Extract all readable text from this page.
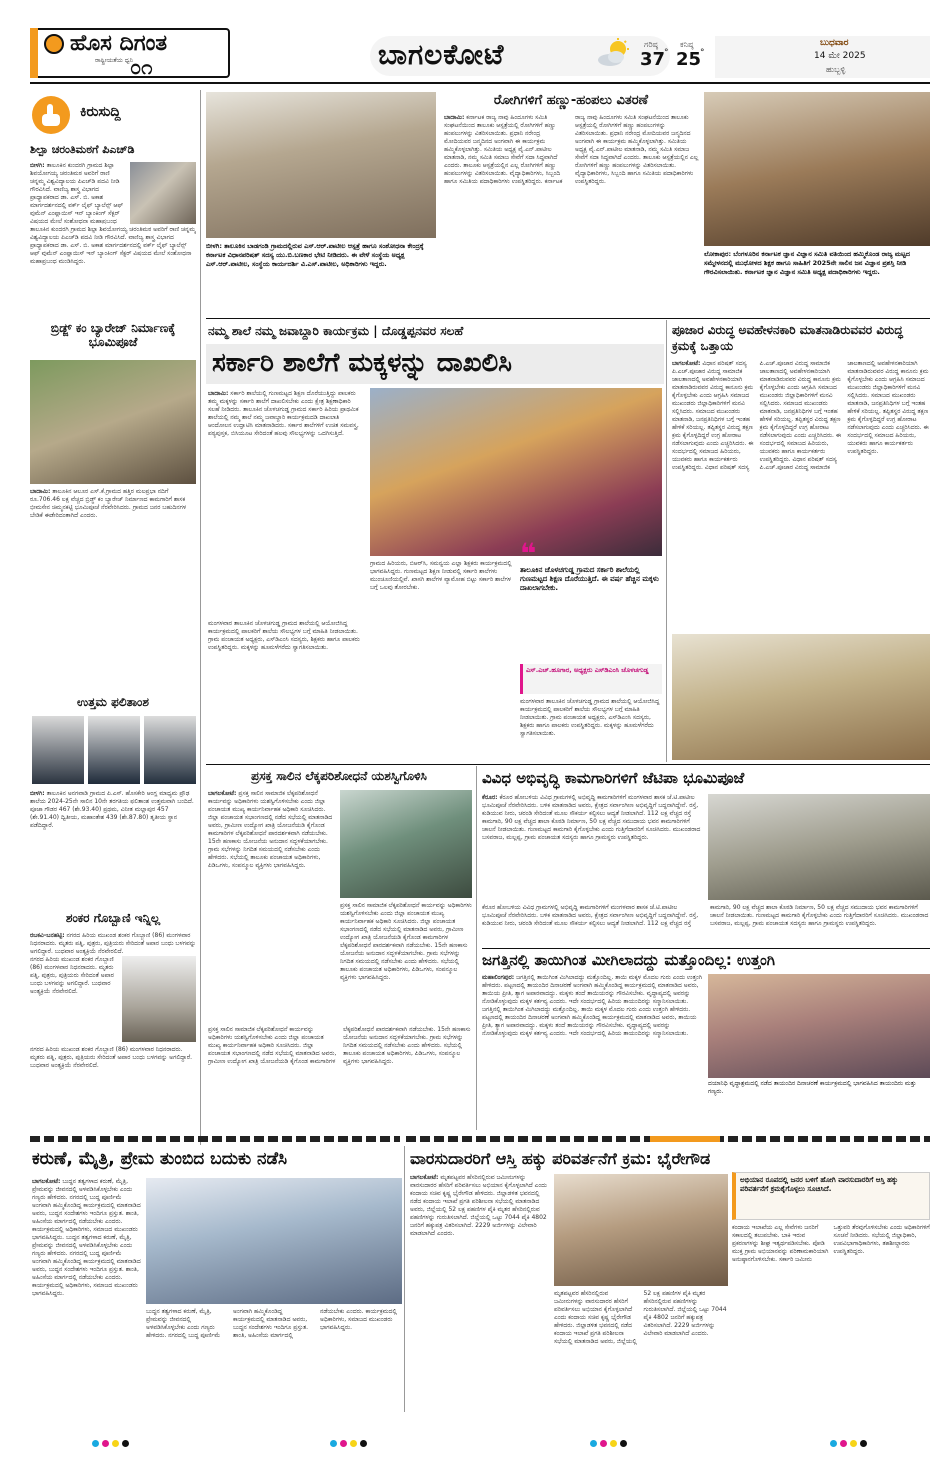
ಹೊಸ ದಿಗಂತ
ರಾಷ್ಟ್ರೀಯತೆಯ ಧ್ವನಿ
೦೧	ಬಾಗಲಕೋಟೆ	ಗರಿಷ್ಠ
37
°
ಕನಿಷ್ಠ
25
°
ಬುಧವಾರ
14 ಮೇ 2025
ಹುಬ್ಬಳ್ಳಿ
ಕಿರುಸುದ್ದಿ
ಶಿಲ್ಪಾ ಚರಂತಿಮಠಗೆ ಪಿಎಚ್‌ಡಿ
ಬೀಳಗಿ: ತಾಲೂಕಿನ ಕುಂದರಗಿ ಗ್ರಾಮದ ಶಿಲ್ಪಾ ಶಿವಯೋಗಯ್ಯ ಚರಂತಿಮಠ ಅವರಿಗೆ ರಾಣಿ ಚನ್ನಮ್ಮ ವಿಶ್ವವಿದ್ಯಾಲಯ ಪಿಎಚ್‌ಡಿ ಪದವಿ ನೀಡಿ ಗೌರವಿಸಿದೆ. ವಾಣಿಜ್ಯ ಶಾಸ್ತ್ರ ವಿಭಾಗದ ಪ್ರಾಧ್ಯಾಪಕರಾದ ಡಾ. ಎಸ್. ಬಿ. ಅಕಾಶ ಮಾರ್ಗದರ್ಶನದಲ್ಲಿ ವರ್ಕ್ ಲೈಫ್ ಬ್ಯಾಲೆನ್ಸ್ ಆಫ್ ವುಮೆನ್ ಎಂಪ್ಲಾಯಿಸ್ ಇನ್ ಬ್ಯಾಂಕಿಂಗ್ ಸೆಕ್ಟರ್ ವಿಷಯದ ಮೇಲೆ ಸಂಶೋಧನಾ ಮಹಾಪ್ರಬಂಧ
ತಾಲೂಕಿನ ಕುಂದರಗಿ ಗ್ರಾಮದ ಶಿಲ್ಪಾ ಶಿವಯೋಗಯ್ಯ ಚರಂತಿಮಠ ಅವರಿಗೆ ರಾಣಿ ಚನ್ನಮ್ಮ ವಿಶ್ವವಿದ್ಯಾಲಯ ಪಿಎಚ್‌ಡಿ ಪದವಿ ನೀಡಿ ಗೌರವಿಸಿದೆ. ವಾಣಿಜ್ಯ ಶಾಸ್ತ್ರ ವಿಭಾಗದ ಪ್ರಾಧ್ಯಾಪಕರಾದ ಡಾ. ಎಸ್. ಬಿ. ಅಕಾಶ ಮಾರ್ಗದರ್ಶನದಲ್ಲಿ ವರ್ಕ್ ಲೈಫ್ ಬ್ಯಾಲೆನ್ಸ್ ಆಫ್ ವುಮೆನ್ ಎಂಪ್ಲಾಯಿಸ್ ಇನ್ ಬ್ಯಾಂಕಿಂಗ್ ಸೆಕ್ಟರ್ ವಿಷಯದ ಮೇಲೆ ಸಂಶೋಧನಾ ಮಹಾಪ್ರಬಂಧ ಮಂಡಿಸಿದ್ದರು.
ಬ್ರಿಡ್ಜ್ ಕಂ ಬ್ಯಾರೇಜ್ ನಿರ್ಮಾಣಕ್ಕೆ ಭೂಮಿಪೂಜೆ
ಬಾದಾಮಿ: ತಾಲೂಕಿನ ಆಲೂರ ಎಸ್.ಕೆ.ಗ್ರಾಮದ ಹತ್ತಿರ ಮಲಪ್ರಭಾ ನದಿಗೆ ರೂ.706.46 ಲಕ್ಷ ವೆಚ್ಚದ ಬ್ರಿಡ್ಜ್ ಕಂ ಬ್ಯಾರೇಜ್ ನಿರ್ಮಾಣದ ಕಾಮಗಾರಿಗೆ ಶಾಸಕ ಭೀಮಸೇನ ಚಿಮ್ಮನಕಟ್ಟಿ ಭೂಮಿಪೂಜೆ ನೆರವೇರಿಸಿದರು. ಗ್ರಾಮದ ಜನರ ಬಹುದಿನಗಳ ಬೇಡಿಕೆ ಈಡೇರಿದಂತಾಗಿದೆ ಎಂದರು.
ಉತ್ತಮ ಫಲಿತಾಂಶ
ಬೀಳಗಿ: ತಾಲೂಕಿನ ಅನಗವಾಡಿ ಗ್ರಾಮದ ಪಿ.ಎಸ್. ಹೊಸಕೇರಿ ಆಂಗ್ಲ ಮಾಧ್ಯಮ ಪ್ರೌಢ ಶಾಲೆಯ 2024-25ನೇ ಸಾಲಿನ 10ನೇ ತರಗತಿಯ ಫಲಿತಾಂಶ ಉತ್ತಮವಾಗಿ ಬಂದಿದೆ. ಪೂಜಾ ಗೌಡರ 467 (ಶೇ.93.40) ಪ್ರಥಮ, ವಿನೀತ ಮಲ್ಲಾಪುರ 457 (ಶೇ.91.40) ದ್ವಿತೀಯ, ಮಹಾಂತೇಶ 439 (ಶೇ.87.80) ತೃತೀಯ ಸ್ಥಾನ ಪಡೆದಿದ್ದಾರೆ.
ಶಂಕರ ಗೊಬ್ಬಾಣಿ ಇನ್ನಿಲ್ಲ
ರಬಕವಿ-ಬನಹಟ್ಟಿ: ನಗರದ ಹಿರಿಯ ಮುಖಂಡ ಶಂಕರ ಗೊಬ್ಬಾಣಿ (86) ಮಂಗಳವಾರ ನಿಧನರಾದರು. ಮೃತರು ಪತ್ನಿ, ಪುತ್ರರು, ಪುತ್ರಿಯರು ಸೇರಿದಂತೆ ಅಪಾರ ಬಂಧು ಬಳಗವನ್ನು ಅಗಲಿದ್ದಾರೆ. ಬುಧವಾರ ಅಂತ್ಯಕ್ರಿಯೆ ನೆರವೇರಲಿದೆ.
ನಗರದ ಹಿರಿಯ ಮುಖಂಡ ಶಂಕರ ಗೊಬ್ಬಾಣಿ (86) ಮಂಗಳವಾರ ನಿಧನರಾದರು. ಮೃತರು ಪತ್ನಿ, ಪುತ್ರರು, ಪುತ್ರಿಯರು ಸೇರಿದಂತೆ ಅಪಾರ ಬಂಧು ಬಳಗವನ್ನು ಅಗಲಿದ್ದಾರೆ. ಬುಧವಾರ ಅಂತ್ಯಕ್ರಿಯೆ ನೆರವೇರಲಿದೆ.
ನಗರದ ಹಿರಿಯ ಮುಖಂಡ ಶಂಕರ ಗೊಬ್ಬಾಣಿ (86) ಮಂಗಳವಾರ ನಿಧನರಾದರು. ಮೃತರು ಪತ್ನಿ, ಪುತ್ರರು, ಪುತ್ರಿಯರು ಸೇರಿದಂತೆ ಅಪಾರ ಬಂಧು ಬಳಗವನ್ನು ಅಗಲಿದ್ದಾರೆ. ಬುಧವಾರ ಅಂತ್ಯಕ್ರಿಯೆ ನೆರವೇರಲಿದೆ.
ಬೀಳಗಿ: ತಾಲೂಕಿನ ಬಾಡಗಂಡಿ ಗ್ರಾಮದಲ್ಲಿರುವ ಎಸ್.ಆರ್.ಪಾಟೀಲ ಆಸ್ಪತ್ರೆ ಹಾಗೂ ಸಂಶೋಧನಾ ಕೇಂದ್ರಕ್ಕೆ ಕರ್ನಾಟಕ ವಿಧಾನಪರಿಷತ್ ಸದಸ್ಯ ಯು.ಬಿ.ಬಣಕಾರ ಭೇಟಿ ನೀಡಿದರು. ಈ ವೇಳೆ ಸಂಸ್ಥೆಯ ಅಧ್ಯಕ್ಷ ಎಸ್.ಆರ್.ಪಾಟೀಲ, ಸಂಸ್ಥೆಯ ಕಾರ್ಯದರ್ಶಿ ವಿ.ಎಸ್.ಪಾಟೀಲ, ಅಧಿಕಾರಿಗಳು ಇದ್ದರು.
ರೋಗಿಗಳಿಗೆ ಹಣ್ಣು-ಹಂಪಲು ವಿತರಣೆ
ಬಾದಾಮಿ: ಕರ್ನಾಟಕ ರಾಜ್ಯ ನಾವು ಹಿಂದೂಗಳು ಸಮಿತಿ ಸಂಘಟನೆಯಿಂದ ತಾಲೂಕು ಆಸ್ಪತ್ರೆಯಲ್ಲಿ ರೋಗಿಗಳಿಗೆ ಹಣ್ಣು ಹಂಪಲುಗಳನ್ನು ವಿತರಿಸಲಾಯಿತು. ಪ್ರಧಾನಿ ನರೇಂದ್ರ ಮೋದಿಯವರ ಜನ್ಮದಿನದ ಅಂಗವಾಗಿ ಈ ಕಾರ್ಯಕ್ರಮ ಹಮ್ಮಿಕೊಳ್ಳಲಾಗಿತ್ತು. ಸಮಿತಿಯ ಅಧ್ಯಕ್ಷ ವೈ.ಎನ್.ಪಾಟೀಲ ಮಾತನಾಡಿ, ನಮ್ಮ ಸಮಿತಿ ಸಮಾಜ ಸೇವೆಗೆ ಸದಾ ಸಿದ್ಧವಾಗಿದೆ ಎಂದರು. ತಾಲೂಕು ಆಸ್ಪತ್ರೆಯಲ್ಲಿನ ಎಲ್ಲ ರೋಗಿಗಳಿಗೆ ಹಣ್ಣು ಹಂಪಲುಗಳನ್ನು ವಿತರಿಸಲಾಯಿತು. ವೈದ್ಯಾಧಿಕಾರಿಗಳು, ಸಿಬ್ಬಂದಿ ಹಾಗೂ ಸಮಿತಿಯ ಪದಾಧಿಕಾರಿಗಳು ಉಪಸ್ಥಿತರಿದ್ದರು. ಕರ್ನಾಟಕ ರಾಜ್ಯ ನಾವು ಹಿಂದೂಗಳು ಸಮಿತಿ ಸಂಘಟನೆಯಿಂದ ತಾಲೂಕು ಆಸ್ಪತ್ರೆಯಲ್ಲಿ ರೋಗಿಗಳಿಗೆ ಹಣ್ಣು ಹಂಪಲುಗಳನ್ನು ವಿತರಿಸಲಾಯಿತು. ಪ್ರಧಾನಿ ನರೇಂದ್ರ ಮೋದಿಯವರ ಜನ್ಮದಿನದ ಅಂಗವಾಗಿ ಈ ಕಾರ್ಯಕ್ರಮ ಹಮ್ಮಿಕೊಳ್ಳಲಾಗಿತ್ತು. ಸಮಿತಿಯ ಅಧ್ಯಕ್ಷ ವೈ.ಎನ್.ಪಾಟೀಲ ಮಾತನಾಡಿ, ನಮ್ಮ ಸಮಿತಿ ಸಮಾಜ ಸೇವೆಗೆ ಸದಾ ಸಿದ್ಧವಾಗಿದೆ ಎಂದರು. ತಾಲೂಕು ಆಸ್ಪತ್ರೆಯಲ್ಲಿನ ಎಲ್ಲ ರೋಗಿಗಳಿಗೆ ಹಣ್ಣು ಹಂಪಲುಗಳನ್ನು ವಿತರಿಸಲಾಯಿತು. ವೈದ್ಯಾಧಿಕಾರಿಗಳು, ಸಿಬ್ಬಂದಿ ಹಾಗೂ ಸಮಿತಿಯ ಪದಾಧಿಕಾರಿಗಳು ಉಪಸ್ಥಿತರಿದ್ದರು.
ಲೋಕಾಪುರ: ಬೆಂಗಳೂರಿನ ಕರ್ನಾಟಕ ಜ್ಞಾನ ವಿಜ್ಞಾನ ಸಮಿತಿ ವತಿಯಿಂದ ಹಮ್ಮಿಕೊಂಡ ರಾಜ್ಯ ಮಟ್ಟದ ಸಮ್ಮೇಳನದಲ್ಲಿ ಮುಧೋಳದ ಶಿಕ್ಷಕ ಹಾಗೂ ಸಾಹಿತಿಗೆ 2025ನೇ ಸಾಲಿನ ಜನ ವಿಜ್ಞಾನ ಪ್ರಶಸ್ತಿ ನೀಡಿ ಗೌರವಿಸಲಾಯಿತು. ಕರ್ನಾಟಕ ಜ್ಞಾನ ವಿಜ್ಞಾನ ಸಮಿತಿ ಅಧ್ಯಕ್ಷ ಪದಾಧಿಕಾರಿಗಳು ಇದ್ದರು.
ನಮ್ಮ ಶಾಲೆ ನಮ್ಮ ಜವಾಬ್ದಾರಿ ಕಾರ್ಯಕ್ರಮ | ದೊಡ್ಡಪ್ಪನವರ ಸಲಹೆ
ಸರ್ಕಾರಿ ಶಾಲೆಗೆ ಮಕ್ಕಳನ್ನು ದಾಖಲಿಸಿ
ಬಾದಾಮಿ: ಸರ್ಕಾರಿ ಶಾಲೆಯಲ್ಲಿ ಗುಣಮಟ್ಟದ ಶಿಕ್ಷಣ ದೊರೆಯುತ್ತಿದ್ದು ಪಾಲಕರು ತಮ್ಮ ಮಕ್ಕಳನ್ನು ಸರ್ಕಾರಿ ಶಾಲೆಗೆ ದಾಖಲಿಸಬೇಕು ಎಂದು ಕ್ಷೇತ್ರ ಶಿಕ್ಷಣಾಧಿಕಾರಿ ಸಲಹೆ ನೀಡಿದರು. ತಾಲೂಕಿನ ಚೊಳಚಗುಡ್ಡ ಗ್ರಾಮದ ಸರ್ಕಾರಿ ಹಿರಿಯ ಪ್ರಾಥಮಿಕ ಶಾಲೆಯಲ್ಲಿ ನಮ್ಮ ಶಾಲೆ ನಮ್ಮ ಜವಾಬ್ದಾರಿ ಕಾರ್ಯಕ್ರಮದಡಿ ದಾಖಲಾತಿ ಆಂದೋಲನ ಉದ್ಘಾಟಿಸಿ ಮಾತನಾಡಿದರು. ಸರ್ಕಾರ ಶಾಲೆಗಳಿಗೆ ಉಚಿತ ಸಮವಸ್ತ್ರ, ಪಠ್ಯಪುಸ್ತಕ, ಬಿಸಿಯೂಟ ಸೇರಿದಂತೆ ಹಲವು ಸೌಲಭ್ಯಗಳನ್ನು ಒದಗಿಸುತ್ತಿದೆ.
ಮಂಗಳವಾರ ತಾಲೂಕಿನ ಚೊಳಚಗುಡ್ಡ ಗ್ರಾಮದ ಶಾಲೆಯಲ್ಲಿ ಆಯೋಜಿಸಿದ್ದ ಕಾರ್ಯಕ್ರಮದಲ್ಲಿ ಪಾಲಕರಿಗೆ ಶಾಲೆಯ ಸೌಲಭ್ಯಗಳ ಬಗ್ಗೆ ಮಾಹಿತಿ ನೀಡಲಾಯಿತು. ಗ್ರಾಮ ಪಂಚಾಯತ ಅಧ್ಯಕ್ಷರು, ಎಸ್‌ಡಿಎಂಸಿ ಸದಸ್ಯರು, ಶಿಕ್ಷಕರು ಹಾಗೂ ಪಾಲಕರು ಉಪಸ್ಥಿತರಿದ್ದರು. ಮಕ್ಕಳನ್ನು ಹೂಮಳೆಗರೆದು ಸ್ವಾಗತಿಸಲಾಯಿತು.
ಗ್ರಾಮದ ಹಿರಿಯರು, ಬಿಆರ್‌ಸಿ, ಸಮನ್ವಯ ಎಲ್ಲಾ ಶಿಕ್ಷಕರು ಕಾರ್ಯಕ್ರಮದಲ್ಲಿ ಭಾಗವಹಿಸಿದ್ದರು. ಗುಣಮಟ್ಟದ ಶಿಕ್ಷಣ ನೀಡುವಲ್ಲಿ ಸರ್ಕಾರಿ ಶಾಲೆಗಳು ಮುಂಚೂಣಿಯಲ್ಲಿವೆ. ಖಾಸಗಿ ಶಾಲೆಗಳ ವ್ಯಾಮೋಹ ಬಿಟ್ಟು ಸರ್ಕಾರಿ ಶಾಲೆಗಳ ಬಗ್ಗೆ ಒಲವು ತೋರಬೇಕು.
❝
ತಾಲೂಕಿನ ಚೊಳಚಗುಡ್ಡ ಗ್ರಾಮದ ಸರ್ಕಾರಿ ಶಾಲೆಯಲ್ಲಿ ಗುಣಮಟ್ಟದ ಶಿಕ್ಷಣ ದೊರೆಯುತ್ತಿದೆ. ಈ ವರ್ಷ ಹೆಚ್ಚಿನ ಮಕ್ಕಳು ದಾಖಲಾಗಬೇಕು.
ಎಸ್.ಎಚ್.ಹೂಗಾರ, ಅಧ್ಯಕ್ಷರು ಎಸ್‌ಡಿಎಂಸಿ ಚೊಳಚಗುಡ್ಡ
ಮಂಗಳವಾರ ತಾಲೂಕಿನ ಚೊಳಚಗುಡ್ಡ ಗ್ರಾಮದ ಶಾಲೆಯಲ್ಲಿ ಆಯೋಜಿಸಿದ್ದ ಕಾರ್ಯಕ್ರಮದಲ್ಲಿ ಪಾಲಕರಿಗೆ ಶಾಲೆಯ ಸೌಲಭ್ಯಗಳ ಬಗ್ಗೆ ಮಾಹಿತಿ ನೀಡಲಾಯಿತು. ಗ್ರಾಮ ಪಂಚಾಯತ ಅಧ್ಯಕ್ಷರು, ಎಸ್‌ಡಿಎಂಸಿ ಸದಸ್ಯರು, ಶಿಕ್ಷಕರು ಹಾಗೂ ಪಾಲಕರು ಉಪಸ್ಥಿತರಿದ್ದರು. ಮಕ್ಕಳನ್ನು ಹೂಮಳೆಗರೆದು ಸ್ವಾಗತಿಸಲಾಯಿತು.
ಪೂಜಾರ ವಿರುದ್ಧ ಅವಹೇಳನಕಾರಿ ಮಾತನಾಡಿರುವವರ ವಿರುದ್ಧ ಕ್ರಮಕ್ಕೆ ಒತ್ತಾಯ
ಬಾಗಲಕೋಟೆ: ವಿಧಾನ ಪರಿಷತ್ ಸದಸ್ಯ ಪಿ.ಎಚ್.ಪೂಜಾರ ವಿರುದ್ಧ ಸಾಮಾಜಿಕ ಜಾಲತಾಣದಲ್ಲಿ ಅವಹೇಳನಕಾರಿಯಾಗಿ ಮಾತನಾಡಿರುವವರ ವಿರುದ್ಧ ಕಾನೂನು ಕ್ರಮ ಕೈಗೊಳ್ಳಬೇಕು ಎಂದು ಆಗ್ರಹಿಸಿ ಸಮಾಜದ ಮುಖಂಡರು ಜಿಲ್ಲಾಧಿಕಾರಿಗಳಿಗೆ ಮನವಿ ಸಲ್ಲಿಸಿದರು. ಸಮಾಜದ ಮುಖಂಡರು ಮಾತನಾಡಿ, ಜನಪ್ರತಿನಿಧಿಗಳ ಬಗ್ಗೆ ಇಂತಹ ಹೇಳಿಕೆ ಸರಿಯಲ್ಲ. ತಪ್ಪಿತಸ್ಥರ ವಿರುದ್ಧ ತಕ್ಷಣ ಕ್ರಮ ಕೈಗೊಳ್ಳದಿದ್ದರೆ ಉಗ್ರ ಹೋರಾಟ ನಡೆಸಲಾಗುವುದು ಎಂದು ಎಚ್ಚರಿಸಿದರು. ಈ ಸಂದರ್ಭದಲ್ಲಿ ಸಮಾಜದ ಹಿರಿಯರು, ಯುವಕರು ಹಾಗೂ ಕಾರ್ಯಕರ್ತರು ಉಪಸ್ಥಿತರಿದ್ದರು. ವಿಧಾನ ಪರಿಷತ್ ಸದಸ್ಯ ಪಿ.ಎಚ್.ಪೂಜಾರ ವಿರುದ್ಧ ಸಾಮಾಜಿಕ ಜಾಲತಾಣದಲ್ಲಿ ಅವಹೇಳನಕಾರಿಯಾಗಿ ಮಾತನಾಡಿರುವವರ ವಿರುದ್ಧ ಕಾನೂನು ಕ್ರಮ ಕೈಗೊಳ್ಳಬೇಕು ಎಂದು ಆಗ್ರಹಿಸಿ ಸಮಾಜದ ಮುಖಂಡರು ಜಿಲ್ಲಾಧಿಕಾರಿಗಳಿಗೆ ಮನವಿ ಸಲ್ಲಿಸಿದರು. ಸಮಾಜದ ಮುಖಂಡರು ಮಾತನಾಡಿ, ಜನಪ್ರತಿನಿಧಿಗಳ ಬಗ್ಗೆ ಇಂತಹ ಹೇಳಿಕೆ ಸರಿಯಲ್ಲ. ತಪ್ಪಿತಸ್ಥರ ವಿರುದ್ಧ ತಕ್ಷಣ ಕ್ರಮ ಕೈಗೊಳ್ಳದಿದ್ದರೆ ಉಗ್ರ ಹೋರಾಟ ನಡೆಸಲಾಗುವುದು ಎಂದು ಎಚ್ಚರಿಸಿದರು. ಈ ಸಂದರ್ಭದಲ್ಲಿ ಸಮಾಜದ ಹಿರಿಯರು, ಯುವಕರು ಹಾಗೂ ಕಾರ್ಯಕರ್ತರು ಉಪಸ್ಥಿತರಿದ್ದರು. ವಿಧಾನ ಪರಿಷತ್ ಸದಸ್ಯ ಪಿ.ಎಚ್.ಪೂಜಾರ ವಿರುದ್ಧ ಸಾಮಾಜಿಕ ಜಾಲತಾಣದಲ್ಲಿ ಅವಹೇಳನಕಾರಿಯಾಗಿ ಮಾತನಾಡಿರುವವರ ವಿರುದ್ಧ ಕಾನೂನು ಕ್ರಮ ಕೈಗೊಳ್ಳಬೇಕು ಎಂದು ಆಗ್ರಹಿಸಿ ಸಮಾಜದ ಮುಖಂಡರು ಜಿಲ್ಲಾಧಿಕಾರಿಗಳಿಗೆ ಮನವಿ ಸಲ್ಲಿಸಿದರು. ಸಮಾಜದ ಮುಖಂಡರು ಮಾತನಾಡಿ, ಜನಪ್ರತಿನಿಧಿಗಳ ಬಗ್ಗೆ ಇಂತಹ ಹೇಳಿಕೆ ಸರಿಯಲ್ಲ. ತಪ್ಪಿತಸ್ಥರ ವಿರುದ್ಧ ತಕ್ಷಣ ಕ್ರಮ ಕೈಗೊಳ್ಳದಿದ್ದರೆ ಉಗ್ರ ಹೋರಾಟ ನಡೆಸಲಾಗುವುದು ಎಂದು ಎಚ್ಚರಿಸಿದರು. ಈ ಸಂದರ್ಭದಲ್ಲಿ ಸಮಾಜದ ಹಿರಿಯರು, ಯುವಕರು ಹಾಗೂ ಕಾರ್ಯಕರ್ತರು ಉಪಸ್ಥಿತರಿದ್ದರು.
ಪ್ರಸಕ್ತ ಸಾಲಿನ ಲೆಕ್ಕಪರಿಶೋಧನೆ ಯಶಸ್ವಿಗೊಳಿಸಿ
ಬಾಗಲಕೋಟೆ: ಪ್ರಸಕ್ತ ಸಾಲಿನ ಸಾಮಾಜಿಕ ಲೆಕ್ಕಪರಿಶೋಧನೆ ಕಾರ್ಯವನ್ನು ಅಧಿಕಾರಿಗಳು ಯಶಸ್ವಿಗೊಳಿಸಬೇಕು ಎಂದು ಜಿಲ್ಲಾ ಪಂಚಾಯತ ಮುಖ್ಯ ಕಾರ್ಯನಿರ್ವಾಹಕ ಅಧಿಕಾರಿ ಸೂಚಿಸಿದರು. ಜಿಲ್ಲಾ ಪಂಚಾಯತ ಸಭಾಂಗಣದಲ್ಲಿ ನಡೆದ ಸಭೆಯಲ್ಲಿ ಮಾತನಾಡಿದ ಅವರು, ಗ್ರಾಮೀಣ ಉದ್ಯೋಗ ಖಾತ್ರಿ ಯೋಜನೆಯಡಿ ಕೈಗೊಂಡ ಕಾಮಗಾರಿಗಳ ಲೆಕ್ಕಪರಿಶೋಧನೆ ಪಾರದರ್ಶಕವಾಗಿ ನಡೆಯಬೇಕು. 15ನೇ ಹಣಕಾಸು ಯೋಜನೆಯ ಅನುದಾನ ಸದ್ಬಳಕೆಯಾಗಬೇಕು. ಗ್ರಾಮ ಸಭೆಗಳನ್ನು ನಿಗದಿತ ಸಮಯದಲ್ಲಿ ನಡೆಸಬೇಕು ಎಂದು ಹೇಳಿದರು. ಸಭೆಯಲ್ಲಿ ತಾಲೂಕು ಪಂಚಾಯತ ಅಧಿಕಾರಿಗಳು, ಪಿಡಿಒಗಳು, ಸಂಪನ್ಮೂಲ ವ್ಯಕ್ತಿಗಳು ಭಾಗವಹಿಸಿದ್ದರು.
ಪ್ರಸಕ್ತ ಸಾಲಿನ ಸಾಮಾಜಿಕ ಲೆಕ್ಕಪರಿಶೋಧನೆ ಕಾರ್ಯವನ್ನು ಅಧಿಕಾರಿಗಳು ಯಶಸ್ವಿಗೊಳಿಸಬೇಕು ಎಂದು ಜಿಲ್ಲಾ ಪಂಚಾಯತ ಮುಖ್ಯ ಕಾರ್ಯನಿರ್ವಾಹಕ ಅಧಿಕಾರಿ ಸೂಚಿಸಿದರು. ಜಿಲ್ಲಾ ಪಂಚಾಯತ ಸಭಾಂಗಣದಲ್ಲಿ ನಡೆದ ಸಭೆಯಲ್ಲಿ ಮಾತನಾಡಿದ ಅವರು, ಗ್ರಾಮೀಣ ಉದ್ಯೋಗ ಖಾತ್ರಿ ಯೋಜನೆಯಡಿ ಕೈಗೊಂಡ ಕಾಮಗಾರಿಗಳ ಲೆಕ್ಕಪರಿಶೋಧನೆ ಪಾರದರ್ಶಕವಾಗಿ ನಡೆಯಬೇಕು. 15ನೇ ಹಣಕಾಸು ಯೋಜನೆಯ ಅನುದಾನ ಸದ್ಬಳಕೆಯಾಗಬೇಕು. ಗ್ರಾಮ ಸಭೆಗಳನ್ನು ನಿಗದಿತ ಸಮಯದಲ್ಲಿ ನಡೆಸಬೇಕು ಎಂದು ಹೇಳಿದರು. ಸಭೆಯಲ್ಲಿ ತಾಲೂಕು ಪಂಚಾಯತ ಅಧಿಕಾರಿಗಳು, ಪಿಡಿಒಗಳು, ಸಂಪನ್ಮೂಲ ವ್ಯಕ್ತಿಗಳು ಭಾಗವಹಿಸಿದ್ದರು.
ಪ್ರಸಕ್ತ ಸಾಲಿನ ಸಾಮಾಜಿಕ ಲೆಕ್ಕಪರಿಶೋಧನೆ ಕಾರ್ಯವನ್ನು ಅಧಿಕಾರಿಗಳು ಯಶಸ್ವಿಗೊಳಿಸಬೇಕು ಎಂದು ಜಿಲ್ಲಾ ಪಂಚಾಯತ ಮುಖ್ಯ ಕಾರ್ಯನಿರ್ವಾಹಕ ಅಧಿಕಾರಿ ಸೂಚಿಸಿದರು. ಜಿಲ್ಲಾ ಪಂಚಾಯತ ಸಭಾಂಗಣದಲ್ಲಿ ನಡೆದ ಸಭೆಯಲ್ಲಿ ಮಾತನಾಡಿದ ಅವರು, ಗ್ರಾಮೀಣ ಉದ್ಯೋಗ ಖಾತ್ರಿ ಯೋಜನೆಯಡಿ ಕೈಗೊಂಡ ಕಾಮಗಾರಿಗಳ ಲೆಕ್ಕಪರಿಶೋಧನೆ ಪಾರದರ್ಶಕವಾಗಿ ನಡೆಯಬೇಕು. 15ನೇ ಹಣಕಾಸು ಯೋಜನೆಯ ಅನುದಾನ ಸದ್ಬಳಕೆಯಾಗಬೇಕು. ಗ್ರಾಮ ಸಭೆಗಳನ್ನು ನಿಗದಿತ ಸಮಯದಲ್ಲಿ ನಡೆಸಬೇಕು ಎಂದು ಹೇಳಿದರು. ಸಭೆಯಲ್ಲಿ ತಾಲೂಕು ಪಂಚಾಯತ ಅಧಿಕಾರಿಗಳು, ಪಿಡಿಒಗಳು, ಸಂಪನ್ಮೂಲ ವ್ಯಕ್ತಿಗಳು ಭಾಗವಹಿಸಿದ್ದರು.
ವಿವಿಧ ಅಭಿವೃದ್ಧಿ ಕಾಮಗಾರಿಗಳಿಗೆ ಜೆಟಿಪಾ ಭೂಮಿಪೂಜೆ
ಕೆರೂರ: ಕೆರೂರ ಹೋಬಳಿಯ ವಿವಿಧ ಗ್ರಾಮಗಳಲ್ಲಿ ಅಭಿವೃದ್ಧಿ ಕಾಮಗಾರಿಗಳಿಗೆ ಮಂಗಳವಾರ ಶಾಸಕ ಜೆ.ಟಿ.ಪಾಟೀಲ ಭೂಮಿಪೂಜೆ ನೆರವೇರಿಸಿದರು. ಬಳಿಕ ಮಾತನಾಡಿದ ಅವರು, ಕ್ಷೇತ್ರದ ಸರ್ವಾಂಗೀಣ ಅಭಿವೃದ್ಧಿಗೆ ಬದ್ಧನಾಗಿದ್ದೇನೆ. ರಸ್ತೆ, ಕುಡಿಯುವ ನೀರು, ಚರಂಡಿ ಸೇರಿದಂತೆ ಮೂಲ ಸೌಕರ್ಯ ಕಲ್ಪಿಸಲು ಆದ್ಯತೆ ನೀಡಲಾಗಿದೆ. 112 ಲಕ್ಷ ವೆಚ್ಚದ ರಸ್ತೆ ಕಾಮಗಾರಿ, 90 ಲಕ್ಷ ವೆಚ್ಚದ ಶಾಲಾ ಕೊಠಡಿ ನಿರ್ಮಾಣ, 50 ಲಕ್ಷ ವೆಚ್ಚದ ಸಮುದಾಯ ಭವನ ಕಾಮಗಾರಿಗಳಿಗೆ ಚಾಲನೆ ನೀಡಲಾಯಿತು. ಗುಣಮಟ್ಟದ ಕಾಮಗಾರಿ ಕೈಗೊಳ್ಳಬೇಕು ಎಂದು ಗುತ್ತಿಗೆದಾರರಿಗೆ ಸೂಚಿಸಿದರು. ಮುಖಂಡರಾದ ಬಸವರಾಜ, ಮಲ್ಲಪ್ಪ, ಗ್ರಾಮ ಪಂಚಾಯತ ಸದಸ್ಯರು ಹಾಗೂ ಗ್ರಾಮಸ್ಥರು ಉಪಸ್ಥಿತರಿದ್ದರು.
ಕೆರೂರ ಹೋಬಳಿಯ ವಿವಿಧ ಗ್ರಾಮಗಳಲ್ಲಿ ಅಭಿವೃದ್ಧಿ ಕಾಮಗಾರಿಗಳಿಗೆ ಮಂಗಳವಾರ ಶಾಸಕ ಜೆ.ಟಿ.ಪಾಟೀಲ ಭೂಮಿಪೂಜೆ ನೆರವೇರಿಸಿದರು. ಬಳಿಕ ಮಾತನಾಡಿದ ಅವರು, ಕ್ಷೇತ್ರದ ಸರ್ವಾಂಗೀಣ ಅಭಿವೃದ್ಧಿಗೆ ಬದ್ಧನಾಗಿದ್ದೇನೆ. ರಸ್ತೆ, ಕುಡಿಯುವ ನೀರು, ಚರಂಡಿ ಸೇರಿದಂತೆ ಮೂಲ ಸೌಕರ್ಯ ಕಲ್ಪಿಸಲು ಆದ್ಯತೆ ನೀಡಲಾಗಿದೆ. 112 ಲಕ್ಷ ವೆಚ್ಚದ ರಸ್ತೆ ಕಾಮಗಾರಿ, 90 ಲಕ್ಷ ವೆಚ್ಚದ ಶಾಲಾ ಕೊಠಡಿ ನಿರ್ಮಾಣ, 50 ಲಕ್ಷ ವೆಚ್ಚದ ಸಮುದಾಯ ಭವನ ಕಾಮಗಾರಿಗಳಿಗೆ ಚಾಲನೆ ನೀಡಲಾಯಿತು. ಗುಣಮಟ್ಟದ ಕಾಮಗಾರಿ ಕೈಗೊಳ್ಳಬೇಕು ಎಂದು ಗುತ್ತಿಗೆದಾರರಿಗೆ ಸೂಚಿಸಿದರು. ಮುಖಂಡರಾದ ಬಸವರಾಜ, ಮಲ್ಲಪ್ಪ, ಗ್ರಾಮ ಪಂಚಾಯತ ಸದಸ್ಯರು ಹಾಗೂ ಗ್ರಾಮಸ್ಥರು ಉಪಸ್ಥಿತರಿದ್ದರು.
ಜಗತ್ತಿನಲ್ಲಿ ತಾಯಿಗಿಂತ ಮೀಗಿಲಾದದ್ದು ಮತ್ತೊಂದಿಲ್ಲ: ಉತ್ತಂಗಿ
ಮಹಾಲಿಂಗಪುರ: ಜಗತ್ತಿನಲ್ಲಿ ತಾಯಿಗಿಂತ ಮಿಗಿಲಾದದ್ದು ಮತ್ತೊಂದಿಲ್ಲ. ತಾಯಿ ಮಕ್ಕಳ ಮೊದಲ ಗುರು ಎಂದು ಉತ್ತಂಗಿ ಹೇಳಿದರು. ಪಟ್ಟಣದಲ್ಲಿ ತಾಯಂದಿರ ದಿನಾಚರಣೆ ಅಂಗವಾಗಿ ಹಮ್ಮಿಕೊಂಡಿದ್ದ ಕಾರ್ಯಕ್ರಮದಲ್ಲಿ ಮಾತನಾಡಿದ ಅವರು, ತಾಯಿಯ ಪ್ರೀತಿ, ತ್ಯಾಗ ಅಪಾರವಾದದ್ದು. ಮಕ್ಕಳು ತಂದೆ ತಾಯಿಯರನ್ನು ಗೌರವಿಸಬೇಕು. ವೃದ್ಧಾಪ್ಯದಲ್ಲಿ ಅವರನ್ನು ನೋಡಿಕೊಳ್ಳುವುದು ಮಕ್ಕಳ ಕರ್ತವ್ಯ ಎಂದರು. ಇದೇ ಸಂದರ್ಭದಲ್ಲಿ ಹಿರಿಯ ತಾಯಂದಿರನ್ನು ಸನ್ಮಾನಿಸಲಾಯಿತು. ಜಗತ್ತಿನಲ್ಲಿ ತಾಯಿಗಿಂತ ಮಿಗಿಲಾದದ್ದು ಮತ್ತೊಂದಿಲ್ಲ. ತಾಯಿ ಮಕ್ಕಳ ಮೊದಲ ಗುರು ಎಂದು ಉತ್ತಂಗಿ ಹೇಳಿದರು. ಪಟ್ಟಣದಲ್ಲಿ ತಾಯಂದಿರ ದಿನಾಚರಣೆ ಅಂಗವಾಗಿ ಹಮ್ಮಿಕೊಂಡಿದ್ದ ಕಾರ್ಯಕ್ರಮದಲ್ಲಿ ಮಾತನಾಡಿದ ಅವರು, ತಾಯಿಯ ಪ್ರೀತಿ, ತ್ಯಾಗ ಅಪಾರವಾದದ್ದು. ಮಕ್ಕಳು ತಂದೆ ತಾಯಿಯರನ್ನು ಗೌರವಿಸಬೇಕು. ವೃದ್ಧಾಪ್ಯದಲ್ಲಿ ಅವರನ್ನು ನೋಡಿಕೊಳ್ಳುವುದು ಮಕ್ಕಳ ಕರ್ತವ್ಯ ಎಂದರು. ಇದೇ ಸಂದರ್ಭದಲ್ಲಿ ಹಿರಿಯ ತಾಯಂದಿರನ್ನು ಸನ್ಮಾನಿಸಲಾಯಿತು.
ದಯಾನಿಧಿ ವೃದ್ಧಾಶ್ರಮದಲ್ಲಿ ನಡೆದ ತಾಯಂದಿರ ದಿನಾಚರಣೆ ಕಾರ್ಯಕ್ರಮದಲ್ಲಿ ಭಾಗವಹಿಸಿದ ತಾಯಂದಿರು ಮತ್ತು ಗಣ್ಯರು.
ಕರುಣೆ, ಮೈತ್ರಿ, ಪ್ರೇಮ ತುಂಬಿದ ಬದುಕು ನಡೆಸಿ
ಬಾಗಲಕೋಟೆ: ಬುದ್ಧನ ತತ್ವಗಳಾದ ಕರುಣೆ, ಮೈತ್ರಿ, ಪ್ರೇಮವನ್ನು ಜೀವನದಲ್ಲಿ ಅಳವಡಿಸಿಕೊಳ್ಳಬೇಕು ಎಂದು ಗಣ್ಯರು ಹೇಳಿದರು. ನಗರದಲ್ಲಿ ಬುದ್ಧ ಪೂರ್ಣಿಮೆ ಅಂಗವಾಗಿ ಹಮ್ಮಿಕೊಂಡಿದ್ದ ಕಾರ್ಯಕ್ರಮದಲ್ಲಿ ಮಾತನಾಡಿದ ಅವರು, ಬುದ್ಧನ ಸಂದೇಶಗಳು ಇಂದಿಗೂ ಪ್ರಸ್ತುತ. ಶಾಂತಿ, ಅಹಿಂಸೆಯ ಮಾರ್ಗದಲ್ಲಿ ನಡೆಯಬೇಕು ಎಂದರು. ಕಾರ್ಯಕ್ರಮದಲ್ಲಿ ಅಧಿಕಾರಿಗಳು, ಸಮಾಜದ ಮುಖಂಡರು ಭಾಗವಹಿಸಿದ್ದರು. ಬುದ್ಧನ ತತ್ವಗಳಾದ ಕರುಣೆ, ಮೈತ್ರಿ, ಪ್ರೇಮವನ್ನು ಜೀವನದಲ್ಲಿ ಅಳವಡಿಸಿಕೊಳ್ಳಬೇಕು ಎಂದು ಗಣ್ಯರು ಹೇಳಿದರು. ನಗರದಲ್ಲಿ ಬುದ್ಧ ಪೂರ್ಣಿಮೆ ಅಂಗವಾಗಿ ಹಮ್ಮಿಕೊಂಡಿದ್ದ ಕಾರ್ಯಕ್ರಮದಲ್ಲಿ ಮಾತನಾಡಿದ ಅವರು, ಬುದ್ಧನ ಸಂದೇಶಗಳು ಇಂದಿಗೂ ಪ್ರಸ್ತುತ. ಶಾಂತಿ, ಅಹಿಂಸೆಯ ಮಾರ್ಗದಲ್ಲಿ ನಡೆಯಬೇಕು ಎಂದರು. ಕಾರ್ಯಕ್ರಮದಲ್ಲಿ ಅಧಿಕಾರಿಗಳು, ಸಮಾಜದ ಮುಖಂಡರು ಭಾಗವಹಿಸಿದ್ದರು.
ಬುದ್ಧನ ತತ್ವಗಳಾದ ಕರುಣೆ, ಮೈತ್ರಿ, ಪ್ರೇಮವನ್ನು ಜೀವನದಲ್ಲಿ ಅಳವಡಿಸಿಕೊಳ್ಳಬೇಕು ಎಂದು ಗಣ್ಯರು ಹೇಳಿದರು. ನಗರದಲ್ಲಿ ಬುದ್ಧ ಪೂರ್ಣಿಮೆ ಅಂಗವಾಗಿ ಹಮ್ಮಿಕೊಂಡಿದ್ದ ಕಾರ್ಯಕ್ರಮದಲ್ಲಿ ಮಾತನಾಡಿದ ಅವರು, ಬುದ್ಧನ ಸಂದೇಶಗಳು ಇಂದಿಗೂ ಪ್ರಸ್ತುತ. ಶಾಂತಿ, ಅಹಿಂಸೆಯ ಮಾರ್ಗದಲ್ಲಿ ನಡೆಯಬೇಕು ಎಂದರು. ಕಾರ್ಯಕ್ರಮದಲ್ಲಿ ಅಧಿಕಾರಿಗಳು, ಸಮಾಜದ ಮುಖಂಡರು ಭಾಗವಹಿಸಿದ್ದರು.
ವಾರಸುದಾರರಿಗೆ ಆಸ್ತಿ ಹಕ್ಕು ಪರಿವರ್ತನೆಗೆ ಕ್ರಮ: ಭೈರೇಗೌಡ
ಬಾಗಲಕೋಟೆ: ಮೃತಪಟ್ಟವರ ಹೆಸರಿನಲ್ಲಿರುವ ಜಮೀನುಗಳನ್ನು ವಾರಸುದಾರರ ಹೆಸರಿಗೆ ಪರಿವರ್ತಿಸಲು ಅಭಿಯಾನ ಕೈಗೊಳ್ಳಲಾಗಿದೆ ಎಂದು ಕಂದಾಯ ಸಚಿವ ಕೃಷ್ಣ ಭೈರೇಗೌಡ ಹೇಳಿದರು. ಜಿಲ್ಲಾಡಳಿತ ಭವನದಲ್ಲಿ ನಡೆದ ಕಂದಾಯ ಇಲಾಖೆ ಪ್ರಗತಿ ಪರಿಶೀಲನಾ ಸಭೆಯಲ್ಲಿ ಮಾತನಾಡಿದ ಅವರು, ಜಿಲ್ಲೆಯಲ್ಲಿ 52 ಲಕ್ಷ ಪಹಣಿಗಳ ಪೈಕಿ ಮೃತರ ಹೆಸರಿನಲ್ಲಿರುವ ಪಹಣಿಗಳನ್ನು ಗುರುತಿಸಲಾಗಿದೆ. ಜಿಲ್ಲೆಯಲ್ಲಿ ಒಟ್ಟು 7044 ಪೈಕಿ 4802 ಜನರಿಗೆ ಹಕ್ಕುಪತ್ರ ವಿತರಿಸಲಾಗಿದೆ. 2229 ಅರ್ಜಿಗಳನ್ನು ವಿಲೇವಾರಿ ಮಾಡಲಾಗಿದೆ ಎಂದರು.
ಮೃತಪಟ್ಟವರ ಹೆಸರಿನಲ್ಲಿರುವ ಜಮೀನುಗಳನ್ನು ವಾರಸುದಾರರ ಹೆಸರಿಗೆ ಪರಿವರ್ತಿಸಲು ಅಭಿಯಾನ ಕೈಗೊಳ್ಳಲಾಗಿದೆ ಎಂದು ಕಂದಾಯ ಸಚಿವ ಕೃಷ್ಣ ಭೈರೇಗೌಡ ಹೇಳಿದರು. ಜಿಲ್ಲಾಡಳಿತ ಭವನದಲ್ಲಿ ನಡೆದ ಕಂದಾಯ ಇಲಾಖೆ ಪ್ರಗತಿ ಪರಿಶೀಲನಾ ಸಭೆಯಲ್ಲಿ ಮಾತನಾಡಿದ ಅವರು, ಜಿಲ್ಲೆಯಲ್ಲಿ 52 ಲಕ್ಷ ಪಹಣಿಗಳ ಪೈಕಿ ಮೃತರ ಹೆಸರಿನಲ್ಲಿರುವ ಪಹಣಿಗಳನ್ನು ಗುರುತಿಸಲಾಗಿದೆ. ಜಿಲ್ಲೆಯಲ್ಲಿ ಒಟ್ಟು 7044 ಪೈಕಿ 4802 ಜನರಿಗೆ ಹಕ್ಕುಪತ್ರ ವಿತರಿಸಲಾಗಿದೆ. 2229 ಅರ್ಜಿಗಳನ್ನು ವಿಲೇವಾರಿ ಮಾಡಲಾಗಿದೆ ಎಂದರು.
ಅಭಿಯಾನ ರೂಪದಲ್ಲಿ ಜನರ ಬಳಿಗೆ ಹೋಗಿ ವಾರಸುದಾರರಿಗೆ ಆಸ್ತಿ ಹಕ್ಕು ಪರಿವರ್ತನೆಗೆ ಕ್ರಮಕೈಗೊಳ್ಳಲು ಸೂಚಿಸಿದೆ.
ಕಂದಾಯ ಇಲಾಖೆಯ ಎಲ್ಲ ಸೇವೆಗಳು ಜನರಿಗೆ ಸಕಾಲದಲ್ಲಿ ತಲುಪಬೇಕು. ಬಾಕಿ ಇರುವ ಪ್ರಕರಣಗಳನ್ನು ಶೀಘ್ರ ಇತ್ಯರ್ಥಪಡಿಸಬೇಕು. ಪೋಡಿ ಮುಕ್ತ ಗ್ರಾಮ ಅಭಿಯಾನವನ್ನು ಪರಿಣಾಮಕಾರಿಯಾಗಿ ಅನುಷ್ಠಾನಗೊಳಿಸಬೇಕು. ಸರ್ಕಾರಿ ಜಮೀನು ಒತ್ತುವರಿ ತೆರವುಗೊಳಿಸಬೇಕು ಎಂದು ಅಧಿಕಾರಿಗಳಿಗೆ ಸೂಚನೆ ನೀಡಿದರು. ಸಭೆಯಲ್ಲಿ ಜಿಲ್ಲಾಧಿಕಾರಿ, ಉಪವಿಭಾಗಾಧಿಕಾರಿಗಳು, ತಹಶೀಲ್ದಾರರು ಉಪಸ್ಥಿತರಿದ್ದರು.
